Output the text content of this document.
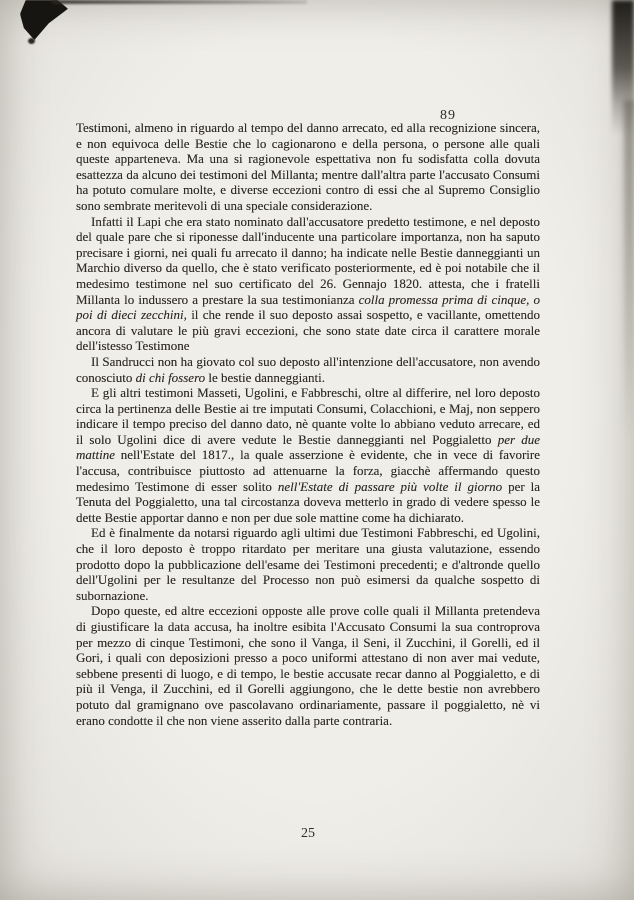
89

Testimoni, almeno in riguardo al tempo del danno arrecato, ed alla recognizione sincera, e non equivoca delle Bestie che lo cagionarono e della persona, o persone alle quali queste apparteneva. Ma una si ragionevole espettativa non fu sodisfatta colla dovuta esattezza da alcuno dei testimoni del Millanta; mentre dall'altra parte l'accusato Consumi ha potuto comulare molte, e diverse eccezioni contro di essi che al Supremo Consiglio sono sembrate meritevoli di una speciale considerazione.

Infatti il Lapi che era stato nominato dall'accusatore predetto testimone, e nel deposto del quale pare che si riponesse dall'inducente una particolare importanza, non ha saputo precisare i giorni, nei quali fu arrecato il danno; ha indicate nelle Bestie danneggianti un Marchio diverso da quello, che è stato verificato posteriormente, ed è poi notabile che il medesimo testimone nel suo certificato del 26. Gennajo 1820. attesta, che i fratelli Millanta lo indussero a prestare la sua testimonianza colla promessa prima di cinque, o poi di dieci zecchini, il che rende il suo deposto assai sospetto, e vacillante, omettendo ancora di valutare le più gravi eccezioni, che sono state date circa il carattere morale dell'istesso Testimone

Il Sandrucci non ha giovato col suo deposto all'intenzione dell'accusatore, non avendo conosciuto di chi fossero le bestie danneggianti.

E gli altri testimoni Masseti, Ugolini, e Fabbreschi, oltre al differire, nel loro deposto circa la pertinenza delle Bestie ai tre imputati Consumi, Colacchioni, e Maj, non seppero indicare il tempo preciso del danno dato, nè quante volte lo abbiano veduto arrecare, ed il solo Ugolini dice di avere vedute le Bestie danneggianti nel Poggialetto per due mattine nell'Estate del 1817., la quale asserzione è evidente, che in vece di favorire l'accusa, contribuisce piuttosto ad attenuarne la forza, giacchè affermando questo medesimo Testimone di esser solito nell'Estate di passare più volte il giorno per la Tenuta del Poggialetto, una tal circostanza doveva metterlo in grado di vedere spesso le dette Bestie apportar danno e non per due sole mattine come ha dichiarato.

Ed è finalmente da notarsi riguardo agli ultimi due Testimoni Fabbreschi, ed Ugolini, che il loro deposto è troppo ritardato per meritare una giusta valutazione, essendo prodotto dopo la pubblicazione dell'esame dei Testimoni precedenti; e d'altronde quello dell'Ugolini per le resultanze del Processo non può esimersi da qualche sospetto di subornazione.

Dopo queste, ed altre eccezioni opposte alle prove colle quali il Millanta pretendeva di giustificare la data accusa, ha inoltre esibita l'Accusato Consumi la sua controprova per mezzo di cinque Testimoni, che sono il Vanga, il Seni, il Zucchini, il Gorelli, ed il Gori, i quali con deposizioni presso a poco uniformi attestano di non aver mai vedute, sebbene presenti di luogo, e di tempo, le bestie accusate recar danno al Poggialetto, e di più il Venga, il Zucchini, ed il Gorelli aggiungono, che le dette bestie non avrebbero potuto dal gramignano ove pascolavano ordinariamente, passare il poggialetto, nè vi erano condotte il che non viene asserito dalla parte contraria.

25
